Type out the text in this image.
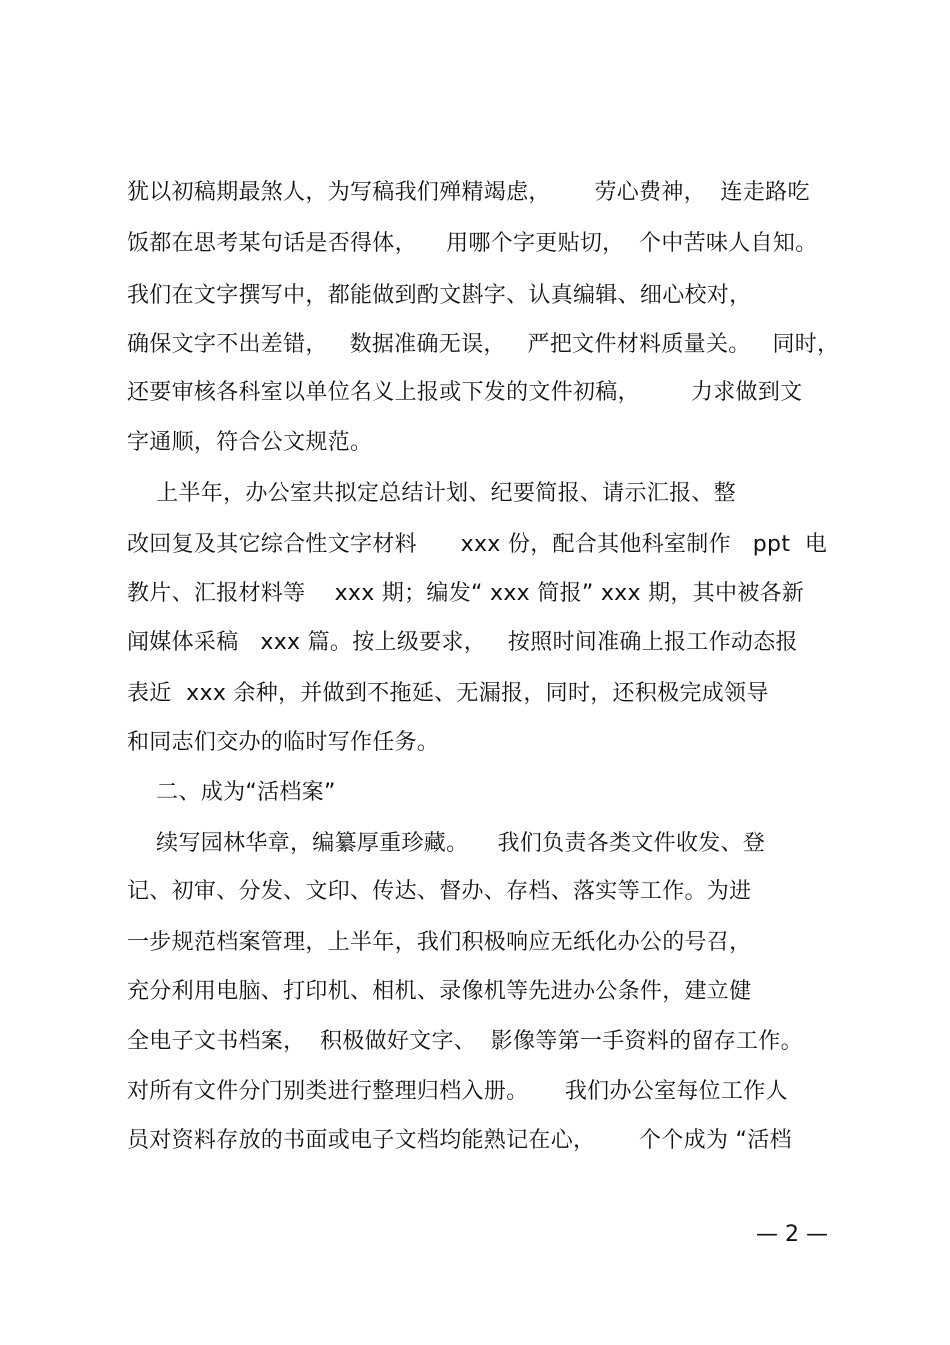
犹以初稿期最煞人，为写稿我们殚精竭虑，      劳心费神，  连走路吃
饭都在思考某句话是否得体，    用哪个字更贴切，  个中苦味人自知。
我们在文字撰写中，都能做到酌文斟字、认真编辑、细心校对，
确保文字不出差错，   数据准确无误，   严把文件材料质量关。   同时，
还要审核各科室以单位名义上报或下发的文件初稿，       力求做到文
字通顺，符合公文规范。
上半年，办公室共拟定总结计划、纪要简报、请示汇报、整
改回复及其它综合性文字材料      xxx 份，配合其他科室制作   ppt  电
教片、汇报材料等    xxx 期；编发“ xxx 简报” xxx 期，其中被各新
闻媒体采稿   xxx 篇。按上级要求，   按照时间准确上报工作动态报
表近  xxx 余种，并做到不拖延、无漏报，同时，还积极完成领导
和同志们交办的临时写作任务。
二、成为“活档案”
续写园林华章，编纂厚重珍藏。    我们负责各类文件收发、登
记、初审、分发、文印、传达、督办、存档、落实等工作。为进
一步规范档案管理，上半年，我们积极响应无纸化办公的号召，
充分利用电脑、打印机、相机、录像机等先进办公条件，建立健
全电子文书档案，  积极做好文字、  影像等第一手资料的留存工作。
对所有文件分门别类进行整理归档入册。     我们办公室每位工作人
员对资料存放的书面或电子文档均能熟记在心，      个个成为 “活档
— 2 —
